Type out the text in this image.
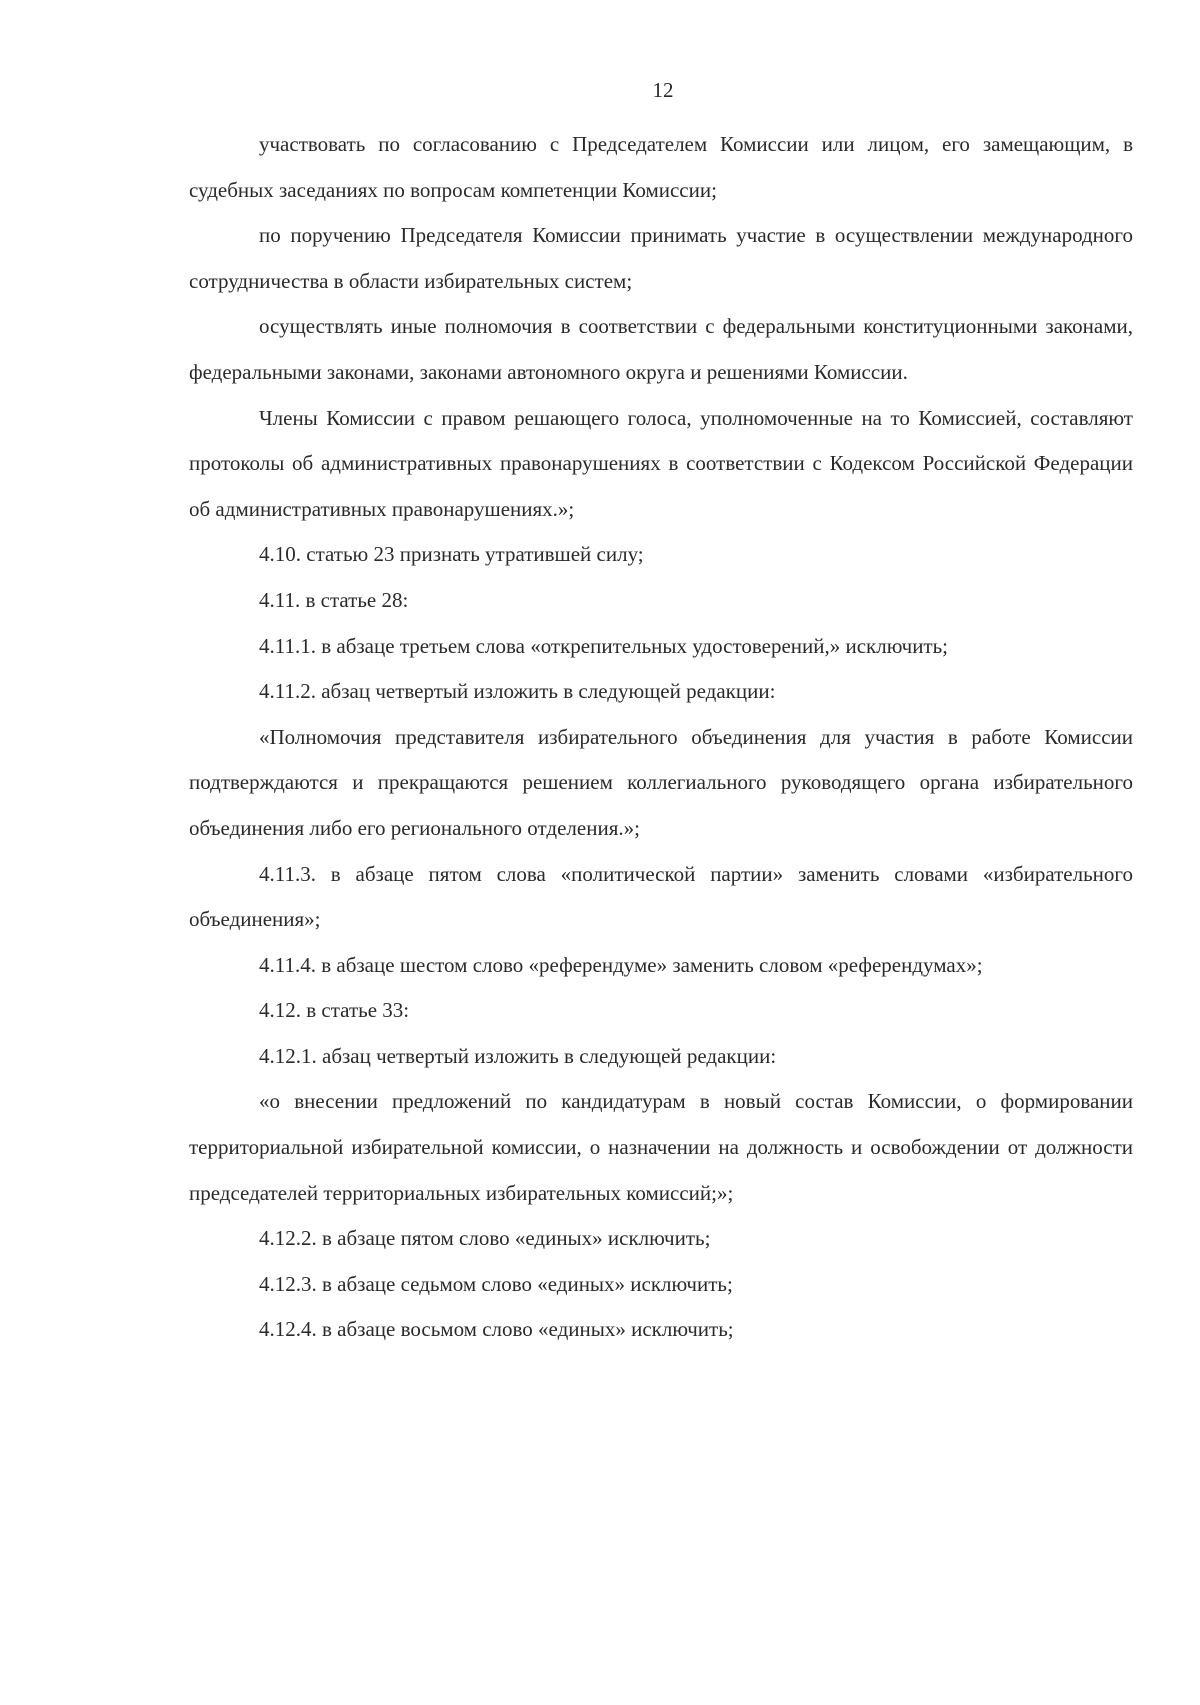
12

участвовать по согласованию с Председателем Комиссии или лицом, его замещающим, в судебных заседаниях по вопросам компетенции Комиссии;

по поручению Председателя Комиссии принимать участие в осуществлении международного сотрудничества в области избирательных систем;

осуществлять иные полномочия в соответствии с федеральными конституционными законами, федеральными законами, законами автономного округа и решениями Комиссии.

Члены Комиссии с правом решающего голоса, уполномоченные на то Комиссией, составляют протоколы об административных правонарушениях в соответствии с Кодексом Российской Федерации об административных правонарушениях.»;

4.10. статью 23 признать утратившей силу;

4.11. в статье 28:

4.11.1. в абзаце третьем слова «открепительных удостоверений,» исключить;

4.11.2. абзац четвертый изложить в следующей редакции:

«Полномочия представителя избирательного объединения для участия в работе Комиссии подтверждаются и прекращаются решением коллегиального руководящего органа избирательного объединения либо его регионального отделения.»;

4.11.3. в абзаце пятом слова «политической партии» заменить словами «избирательного объединения»;

4.11.4. в абзаце шестом слово «референдуме» заменить словом «референдумах»;

4.12. в статье 33:

4.12.1. абзац четвертый изложить в следующей редакции:

«о внесении предложений по кандидатурам в новый состав Комиссии, о формировании территориальной избирательной комиссии, о назначении на должность и освобождении от должности председателей территориальных избирательных комиссий;»;

4.12.2. в абзаце пятом слово «единых» исключить;

4.12.3. в абзаце седьмом слово «единых» исключить;

4.12.4. в абзаце восьмом слово «единых» исключить;
